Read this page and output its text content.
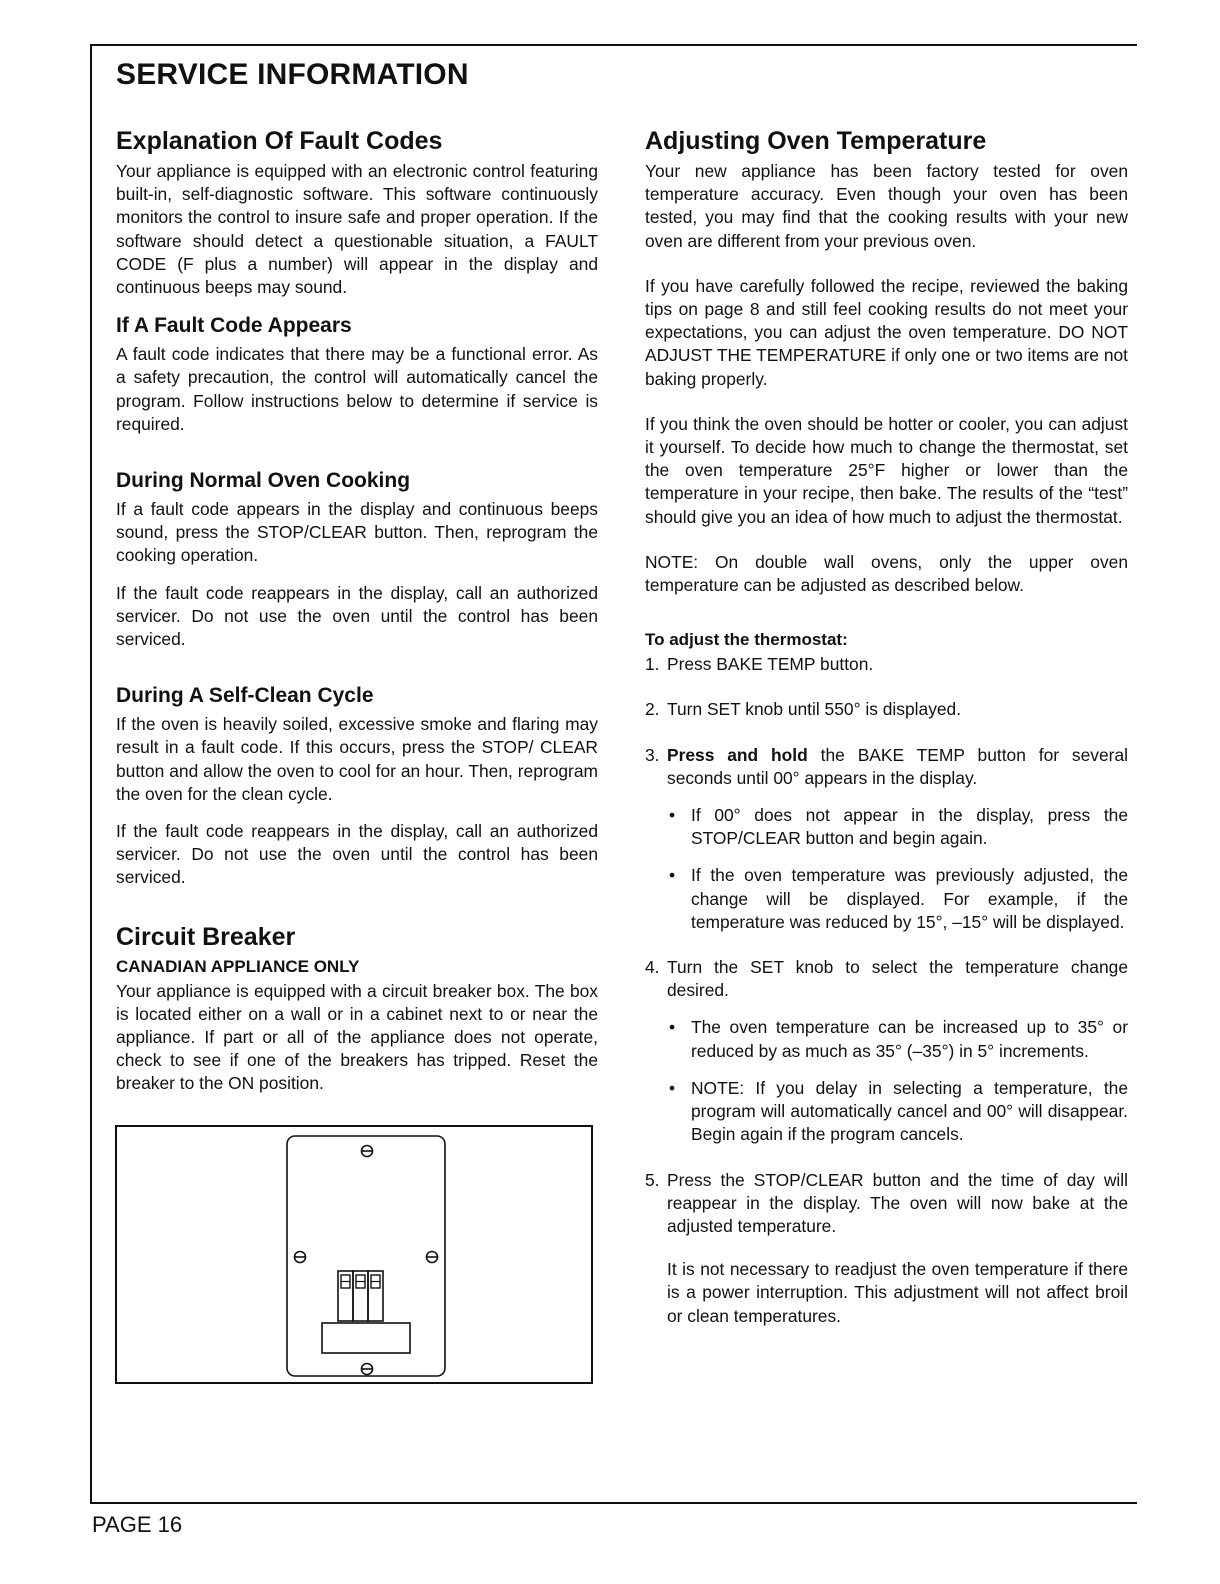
SERVICE INFORMATION
Explanation Of Fault Codes

Your appliance is equipped with an electronic control featuring built-in, self-diagnostic software. This software continuously monitors the control to insure safe and proper operation. If the software should detect a questionable situation, a FAULT CODE (F plus a number) will appear in the display and continuous beeps may sound.

If A Fault Code Appears

A fault code indicates that there may be a functional error. As a safety precaution, the control will automatically cancel the program. Follow instructions below to determine if service is required.

During Normal Oven Cooking

If a fault code appears in the display and continuous beeps sound, press the STOP/CLEAR button. Then, reprogram the cooking operation.

If the fault code reappears in the display, call an authorized servicer. Do not use the oven until the control has been serviced.

During A Self-Clean Cycle

If the oven is heavily soiled, excessive smoke and flaring may result in a fault code. If this occurs, press the STOP/ CLEAR button and allow the oven to cool for an hour. Then, reprogram the oven for the clean cycle.

If the fault code reappears in the display, call an authorized servicer. Do not use the oven until the control has been serviced.

Circuit Breaker
CANADIAN APPLIANCE ONLY

Your appliance is equipped with a circuit breaker box. The box is located either on a wall or in a cabinet next to or near the appliance. If part or all of the appliance does not operate, check to see if one of the breakers has tripped. Reset the breaker to the ON position.

Adjusting Oven Temperature

Your new appliance has been factory tested for oven temperature accuracy. Even though your oven has been tested, you may find that the cooking results with your new oven are different from your previous oven.

If you have carefully followed the recipe, reviewed the baking tips on page 8 and still feel cooking results do not meet your expectations, you can adjust the oven temperature. DO NOT ADJUST THE TEMPERATURE if only one or two items are not baking properly.

If you think the oven should be hotter or cooler, you can adjust it yourself. To decide how much to change the thermostat, set the oven temperature 25°F higher or lower than the temperature in your recipe, then bake. The results of the “test” should give you an idea of how much to adjust the thermostat.

NOTE: On double wall ovens, only the upper oven temperature can be adjusted as described below.

To adjust the thermostat:
1. Press BAKE TEMP button.
2. Turn SET knob until 550° is displayed.
3. Press and hold the BAKE TEMP button for several seconds until 00° appears in the display.
• If 00° does not appear in the display, press the STOP/CLEAR button and begin again.
• If the oven temperature was previously adjusted, the change will be displayed. For example, if the temperature was reduced by 15°, –15° will be displayed.
4. Turn the SET knob to select the temperature change desired.
• The oven temperature can be increased up to 35° or reduced by as much as 35° (–35°) in 5° increments.
• NOTE: If you delay in selecting a temperature, the program will automatically cancel and 00° will disappear. Begin again if the program cancels.
5. Press the STOP/CLEAR button and the time of day will reappear in the display. The oven will now bake at the adjusted temperature.

It is not necessary to readjust the oven temperature if there is a power interruption. This adjustment will not affect broil or clean temperatures.

PAGE 16
